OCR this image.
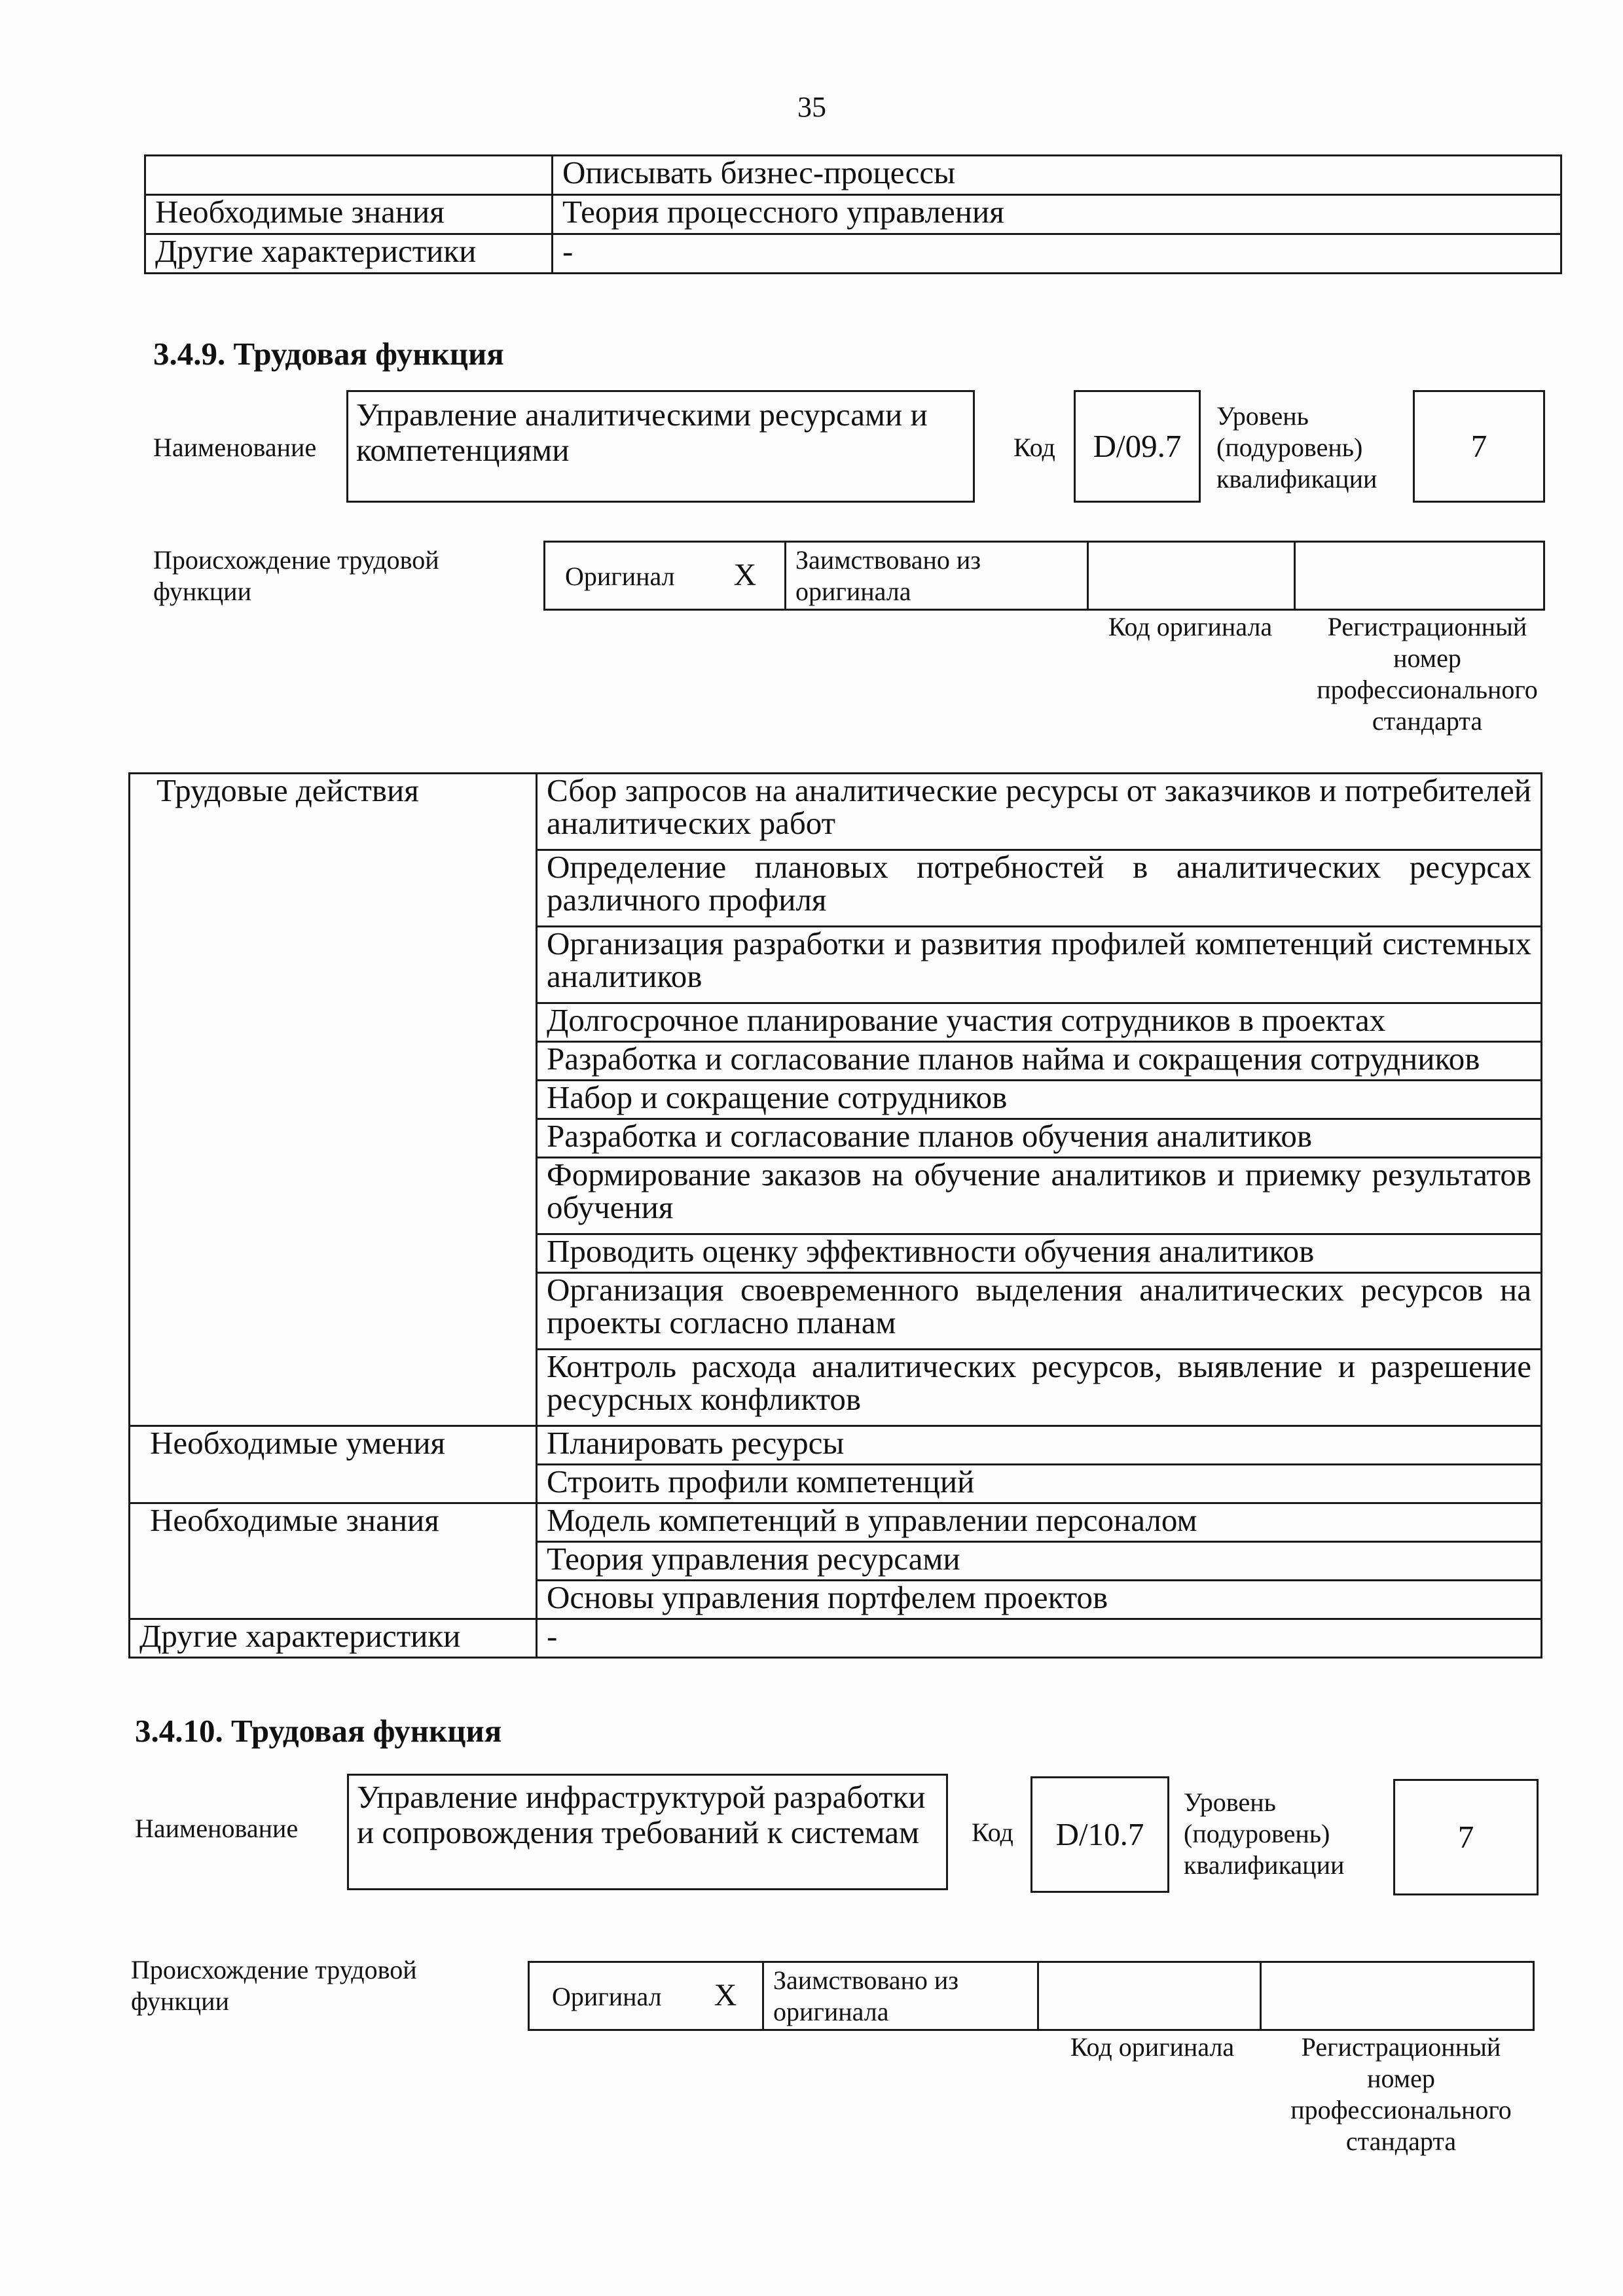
35
	Описывать бизнес-процессы
Необходимые знания	Теория процессного управления
Другие характеристики	-
3.4.9. Трудовая функция
Наименование
Управление аналитическими ресурсами и компетенциями	Код	D/09.7
Уровень (подуровень) квалификации
7
Происхождение трудовой функции
Оригинал X	Заимствовано из оригинала		
Код оригинала	Регистрационный номер профессионального стандарта
Трудовые действия	Сбор запросов на аналитические ресурсы от заказчиков и потребителей аналитических работ
	Определение плановых потребностей в аналитических ресурсах различного профиля
	Организация разработки и развития профилей компетенций системных аналитиков
	Долгосрочное планирование участия сотрудников в проектах
	Разработка и согласование планов найма и сокращения сотрудников
	Набор и сокращение сотрудников
	Разработка и согласование планов обучения аналитиков
	Формирование заказов на обучение аналитиков и приемку результатов обучения
	Проводить оценку эффективности обучения аналитиков
	Организация своевременного выделения аналитических ресурсов на проекты согласно планам
	Контроль расхода аналитических ресурсов, выявление и разрешение ресурсных конфликтов
Необходимые умения	Планировать ресурсы
	Строить профили компетенций
Необходимые знания	Модель компетенций в управлении персоналом
	Теория управления ресурсами
	Основы управления портфелем проектов
Другие характеристики	-
3.4.10. Трудовая функция
Наименование
Управление инфраструктурой разработки и сопровождения требований к системам	Код	D/10.7
Уровень (подуровень) квалификации
7
Происхождение трудовой функции	Оригинал X	Заимствовано из оригинала		
Код оригинала	Регистрационный номер профессионального стандарта
